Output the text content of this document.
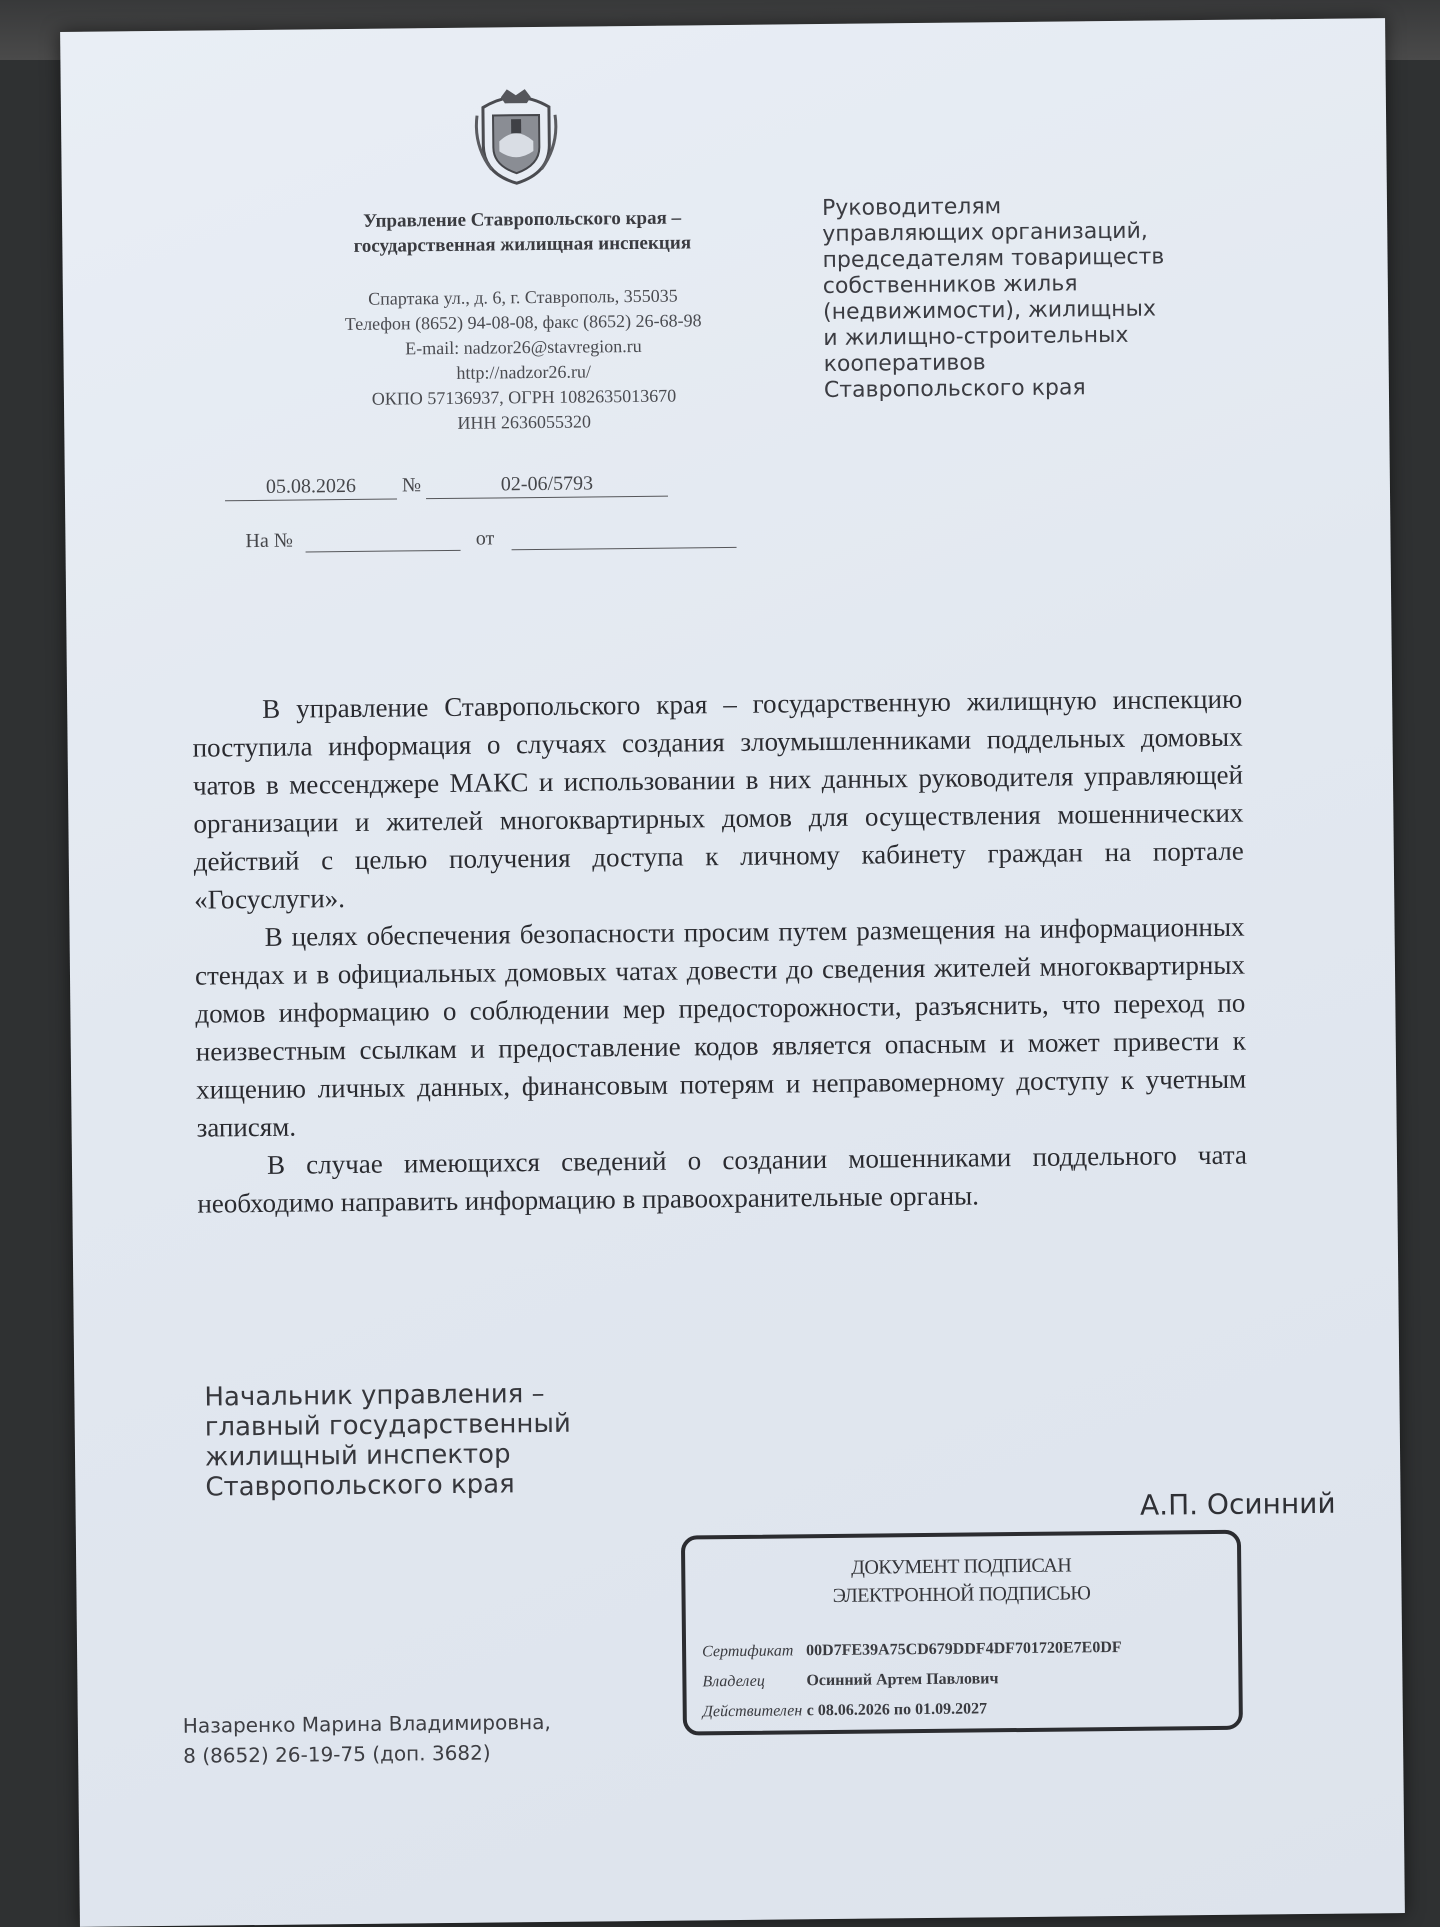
Управление Ставропольского края –
государственная жилищная инспекция
Спартака ул., д. 6, г. Ставрополь, 355035
Телефон (8652) 94-08-08, факс (8652) 26-68-98
E-mail: nadzor26@stavregion.ru
http://nadzor26.ru/
ОКПО 57136937, ОГРН 1082635013670
ИНН 2636055320
05.08.2026 №	02-06/5793
На №	от
Руководителям
управляющих организаций,
председателям товариществ
собственников жилья
(недвижимости), жилищных
и жилищно-строительных
кооперативов
Ставропольского края

В управление Ставропольского края – государственную жилищную инспекцию поступила информация о случаях создания злоумышленниками поддельных домовых чатов в мессенджере МАКС и использовании в них данных руководителя управляющей организации и жителей многоквартирных домов для осуществления мошеннических действий с целью получения доступа к личному кабинету граждан на портале «Госуслуги».

В целях обеспечения безопасности просим путем размещения на информационных стендах и в официальных домовых чатах довести до сведения жителей многоквартирных домов информацию о соблюдении мер предосторожности, разъяснить, что переход по неизвестным ссылкам и предоставление кодов является опасным и может привести к хищению личных данных, финансовым потерям и неправомерному доступу к учетным записям.

В случае имеющихся сведений о создании мошенниками поддельного чата необходимо направить информацию в правоохранительные органы.

Начальник управления –
главный государственный
жилищный инспектор
Ставропольского края
А.П. Осинний
ДОКУМЕНТ ПОДПИСАН
ЭЛЕКТРОННОЙ ПОДПИСЬЮ
Сертификат 00D7FE39A75CD679DDF4DF701720E7E0DF
Владелец	Осинний Артем Павлович
Действителен с 08.06.2026 по 01.09.2027
Назаренко Марина Владимировна,
8 (8652) 26-19-75 (доп. 3682)
